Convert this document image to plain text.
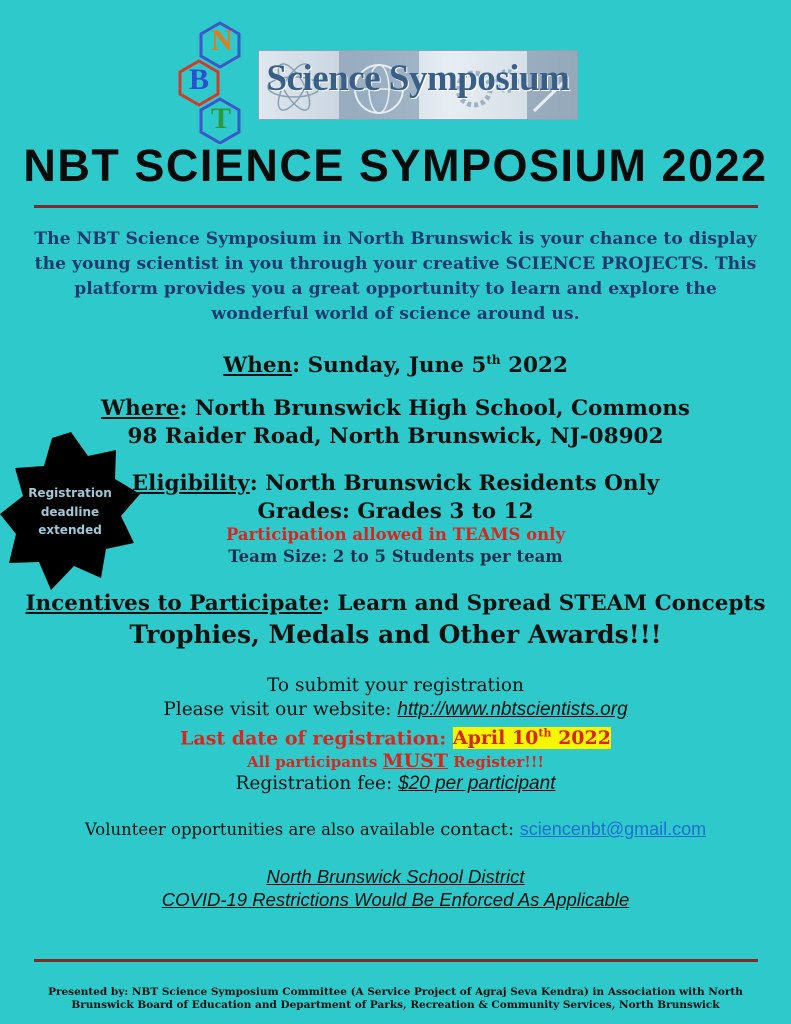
N
B
T
Science Symposium
NBT SCIENCE SYMPOSIUM 2022
The NBT Science Symposium in North Brunswick is your chance to display the young scientist in you through your creative SCIENCE PROJECTS. This platform provides you a great opportunity to learn and explore the wonderful world of science around us.
When: Sunday, June 5th 2022
Where: North Brunswick High School, Commons
98 Raider Road, North Brunswick, NJ-08902
Registration
deadline
extended
Eligibility: North Brunswick Residents Only
Grades: Grades 3 to 12
Participation allowed in TEAMS only
Team Size: 2 to 5 Students per team
Incentives to Participate: Learn and Spread STEAM Concepts
Trophies, Medals and Other Awards!!!
To submit your registration
Please visit our website: http://www.nbtscientists.org
Last date of registration: April 10th 2022
All participants MUST Register!!!
Registration fee: $20 per participant
Volunteer opportunities are also available contact: sciencenbt@gmail.com
North Brunswick School District
COVID-19 Restrictions Would Be Enforced As Applicable
Presented by: NBT Science Symposium Committee (A Service Project of Agraj Seva Kendra) in Association with North
Brunswick Board of Education and Department of Parks, Recreation & Community Services, North Brunswick
